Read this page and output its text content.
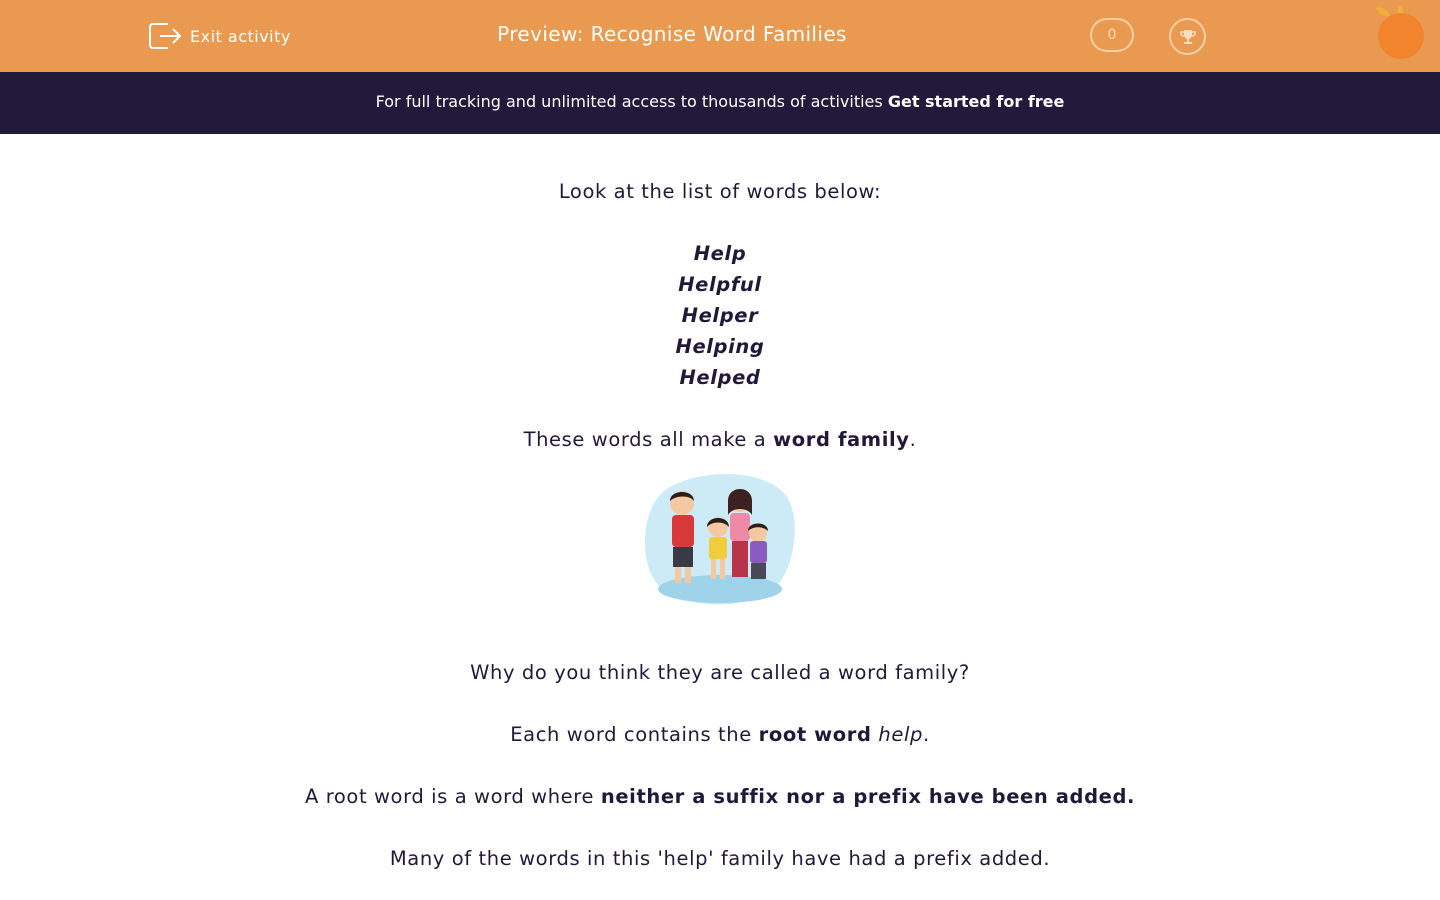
Exit activity	Preview: Recognise Word Families	0
For full tracking and unlimited access to thousands of activities Get started for free

Look at the list of words below:

Help

Helpful

Helper

Helping

Helped

These words all make a word family.

Why do you think they are called a word family?

Each word contains the root word help.

A root word is a word where neither a suffix nor a prefix have been added.

Many of the words in this 'help' family have had a prefix added.
